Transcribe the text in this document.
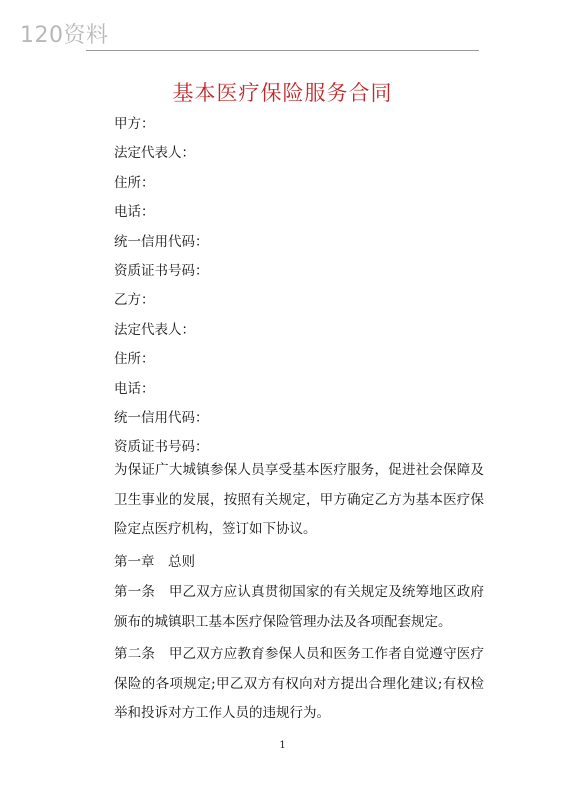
120资料
基本医疗保险服务合同
甲方：
法定代表人：
住所：
电话：
统一信用代码：
资质证书号码：
乙方：
法定代表人：
住所：
电话：
统一信用代码：
资质证书号码：
为保证广大城镇参保人员享受基本医疗服务，促进社会保障及卫生事业的发展，按照有关规定，甲方确定乙方为基本医疗保险定点医疗机构，签订如下协议。
第一章　总则
第一条　甲乙双方应认真贯彻国家的有关规定及统筹地区政府颁布的城镇职工基本医疗保险管理办法及各项配套规定。
第二条　甲乙双方应教育参保人员和医务工作者自觉遵守医疗保险的各项规定;甲乙双方有权向对方提出合理化建议;有权检举和投诉对方工作人员的违规行为。
1
